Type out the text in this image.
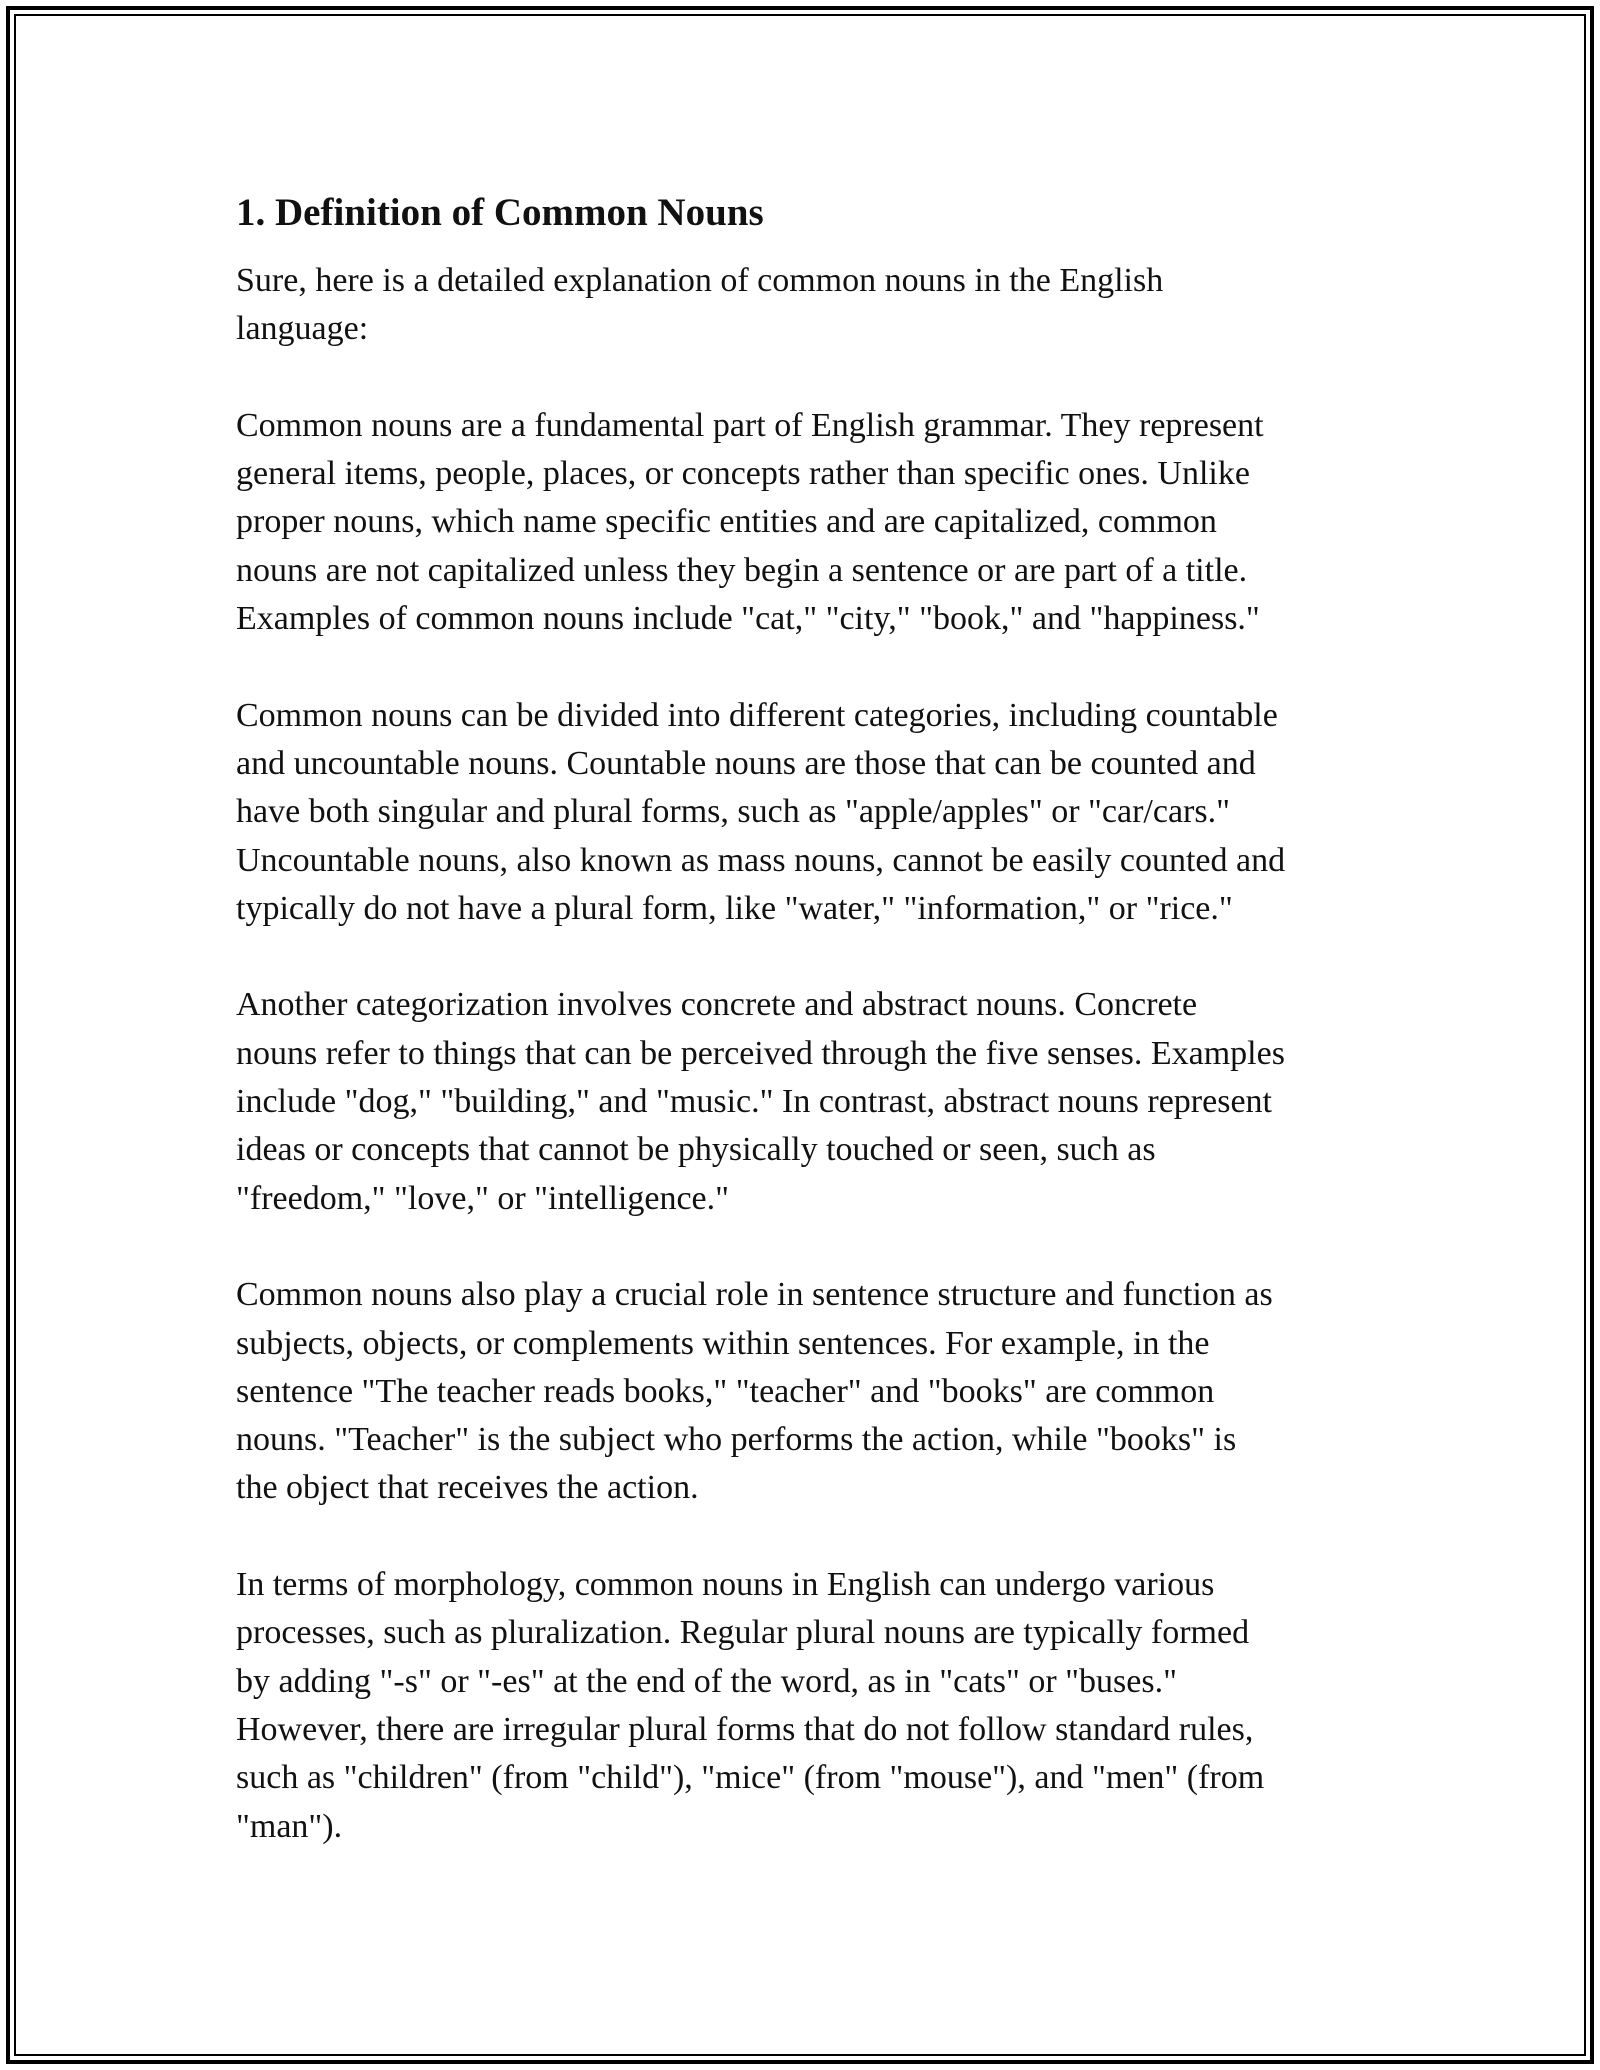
1. Definition of Common Nouns

Sure, here is a detailed explanation of common nouns in the English
language:

Common nouns are a fundamental part of English grammar. They represent
general items, people, places, or concepts rather than specific ones. Unlike
proper nouns, which name specific entities and are capitalized, common
nouns are not capitalized unless they begin a sentence or are part of a title.
Examples of common nouns include "cat," "city," "book," and "happiness."

Common nouns can be divided into different categories, including countable
and uncountable nouns. Countable nouns are those that can be counted and
have both singular and plural forms, such as "apple/apples" or "car/cars."
Uncountable nouns, also known as mass nouns, cannot be easily counted and
typically do not have a plural form, like "water," "information," or "rice."

Another categorization involves concrete and abstract nouns. Concrete
nouns refer to things that can be perceived through the five senses. Examples
include "dog," "building," and "music." In contrast, abstract nouns represent
ideas or concepts that cannot be physically touched or seen, such as
"freedom," "love," or "intelligence."

Common nouns also play a crucial role in sentence structure and function as
subjects, objects, or complements within sentences. For example, in the
sentence "The teacher reads books," "teacher" and "books" are common
nouns. "Teacher" is the subject who performs the action, while "books" is
the object that receives the action.

In terms of morphology, common nouns in English can undergo various
processes, such as pluralization. Regular plural nouns are typically formed
by adding "-s" or "-es" at the end of the word, as in "cats" or "buses."
However, there are irregular plural forms that do not follow standard rules,
such as "children" (from "child"), "mice" (from "mouse"), and "men" (from
"man").
